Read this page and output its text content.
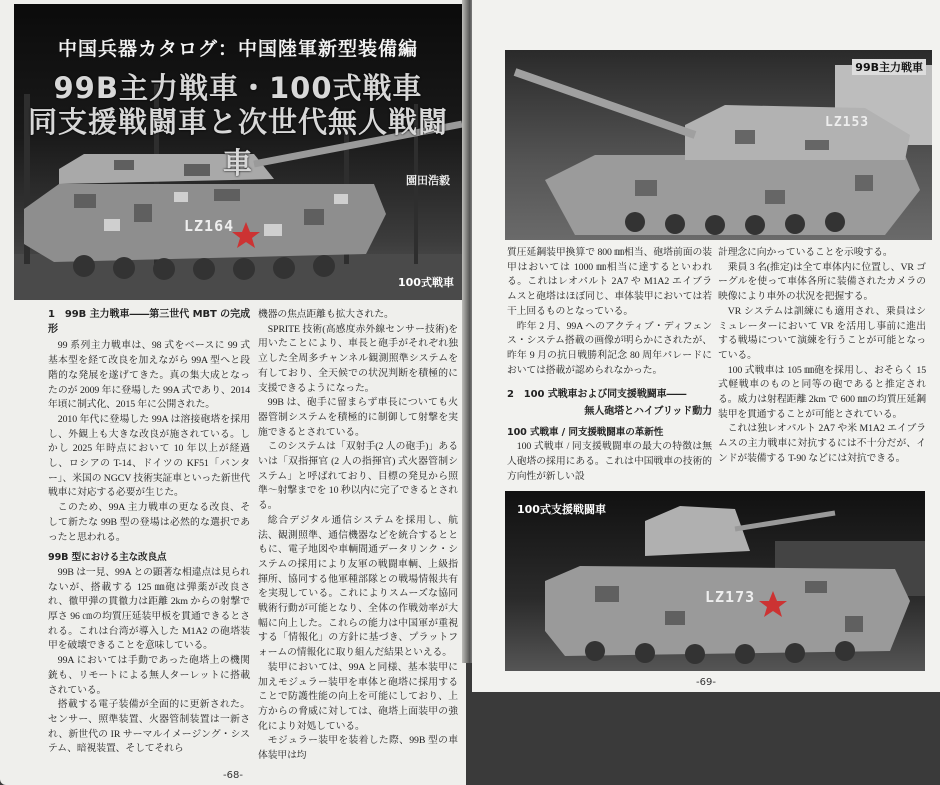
中国兵器カタログ：中国陸軍新型装備編
99B主力戦車・100式戦車
同支援戦闘車と次世代無人戦闘車
LZ164
園田浩毅
100式戦車
1　99B 主力戦車――第三世代 MBT の完成形

99 系列主力戦車は、98 式をベースに 99 式基本型を経て改良を加えながら 99A 型へと段階的な発展を遂げてきた。真の集大成となったのが 2009 年に登場した 99A 式であり、2014 年頃に制式化、2015 年に公開された。

2010 年代に登場した 99A は溶接砲塔を採用し、外観上も大きな改良が施されている。しかし 2025 年時点において 10 年以上が経過し、ロシアの T-14、ドイツの KF51「パンター」、米国の NGCV 技術実証車といった新世代戦車に対応する必要が生じた。

このため、99A 主力戦車の更なる改良、そして新たな 99B 型の登場は必然的な選択であったと思われる。

99B 型における主な改良点

99B は一見、99A との顕著な相違点は見られないが、搭載する 125 ㎜砲は弾薬が改良され、徹甲弾の貫徹力は距離 2km からの射撃で厚さ 96 ㎝の均質圧延装甲板を貫通できるとされる。これは台湾が導入した M1A2 の砲塔装甲を破壊できることを意味している。

99A においては手動であった砲塔上の機関銃も、リモートによる無人ターレットに搭載されている。

搭載する電子装備が全面的に更新された。センサー、照準装置、火器管制装置は一新され、新世代の IR サーマルイメージング・システム、暗視装置、そしてそれら

機器の焦点距離も拡大された。

SPRITE 技術(高感度赤外線センサー技術)を用いたことにより、車長と砲手がそれぞれ独立した全周多チャンネル観測照準システムを有しており、全天候での状況判断を積極的に支援できるようになった。

99B は、砲手に留まらず車長についても火器管制システムを積極的に制御して射撃を実施できるとされている。

このシステムは「双射手(2 人の砲手)」あるいは「双指揮官 (2 人の指揮官) 式火器管制システム」と呼ばれており、目標の発見から照準～射撃までを 10 秒以内に完了できるとされる。

総合デジタル通信システムを採用し、航法、観測照準、通信機器などを統合するとともに、電子地図や車輌間通データリンク・システムの採用により友軍の戦闘車輌、上級指揮所、協同する他軍種部隊との戦場情報共有を実現している。これによりスムーズな協同戦術行動が可能となり、全体の作戦効率が大幅に向上した。これらの能力は中国軍が重視する「情報化」の方針に基づき、プラットフォームの情報化に取り組んだ結果といえる。

装甲においては、99A と同様、基本装甲に加えモジュラー装甲を車体と砲塔に採用することで防護性能の向上を可能にしており、上方からの脅威に対しては、砲塔上面装甲の強化により対処している。

モジュラー装甲を装着した際、99B 型の車体装甲は均

-68-
99B主力戦車
LZ153

質圧延鋼装甲換算で 800 ㎜相当、砲塔前面の装甲はおいては 1000 ㎜相当に達するといわれる。これはレオパルト 2A7 や M1A2 エイブラムスと砲塔はほぼ同じ、車体装甲においては若干上回るものとなっている。

昨年 2 月、99A へのアクティブ・ディフェンス・システム搭載の画像が明らかにされたが、昨年 9 月の抗日戦勝利記念 80 周年パレードにおいては搭載が認められなかった。

2　100 式戦車および同支援戦闘車――
無人砲塔とハイブリッド動力
100 式戦車 / 同支援戦闘車の革新性

100 式戦車 / 同支援戦闘車の最大の特徴は無人砲塔の採用にある。これは中国戦車の技術的方向性が新しい設

計理念に向かっていることを示唆する。

乗員 3 名(推定)は全て車体内に位置し、VR ゴーグルを使って車体各所に装備されたカメラの映像により車外の状況を把握する。

VR システムは訓練にも適用され、乗員はシミュレーターにおいて VR を活用し事前に進出する戦場について演練を行うことが可能となっている。

100 式戦車は 105 ㎜砲を採用し、おそらく 15 式軽戦車のものと同等の砲であると推定される。威力は射程距離 2km で 600 ㎜の均質圧延鋼装甲を貫通することが可能とされている。

これは独レオパルト 2A7 や米 M1A2 エイブラムスの主力戦車に対抗するには不十分だが、インドが装備する T-90 などには対抗できる。

100式支援戦闘車
LZ173
-69-
